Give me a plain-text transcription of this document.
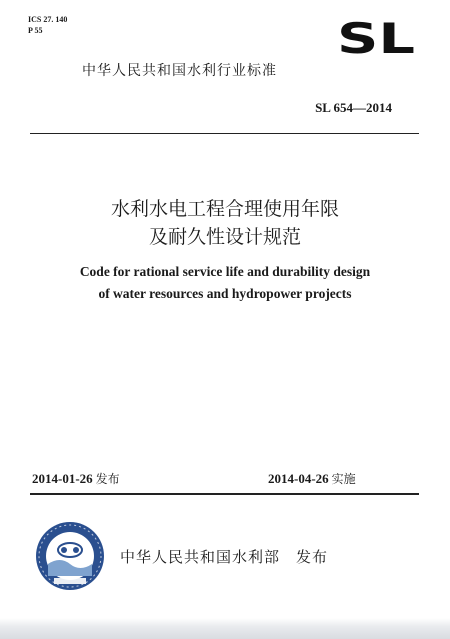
ICS 27. 140
P 55	SL
中华人民共和国水利行业标准
SL 654—2014
水利水电工程合理使用年限
及耐久性设计规范
Code for rational service life and durability design
of water resources and hydropower projects
2014-01-26 发布	2014-04-26 实施
中华人民共和国水利部 发布
